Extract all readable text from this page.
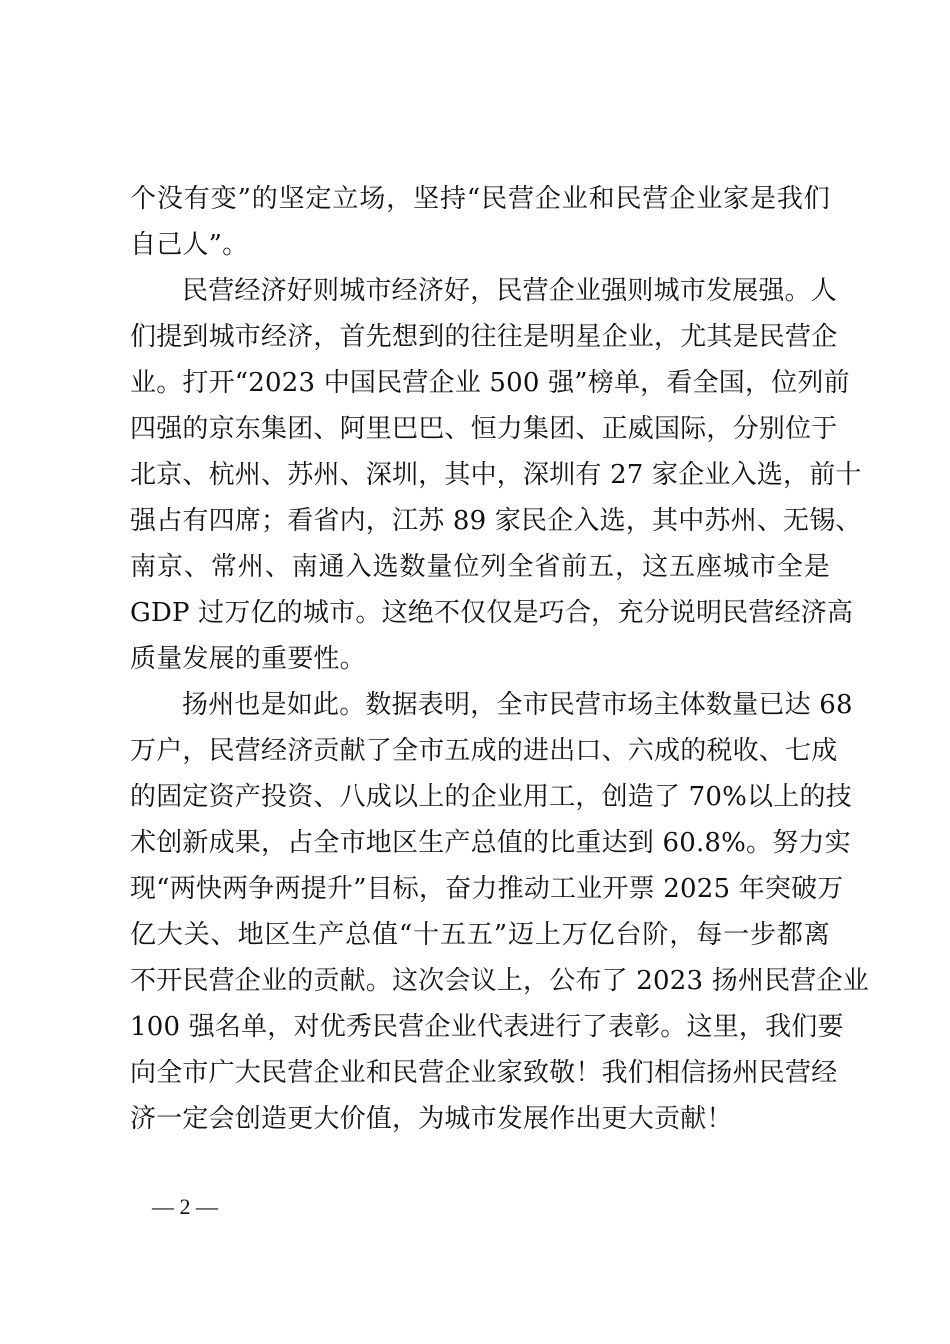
个没有变”的坚定立场，坚持“民营企业和民营企业家是我们
自己人”。
民营经济好则城市经济好，民营企业强则城市发展强。人
们提到城市经济，首先想到的往往是明星企业，尤其是民营企
业。打开“2023 中国民营企业 500 强”榜单，看全国，位列前
四强的京东集团、阿里巴巴、恒力集团、正威国际，分别位于
北京、杭州、苏州、深圳，其中，深圳有 27 家企业入选，前十
强占有四席；看省内，江苏 89 家民企入选，其中苏州、无锡、
南京、常州、南通入选数量位列全省前五，这五座城市全是
GDP 过万亿的城市。这绝不仅仅是巧合，充分说明民营经济高
质量发展的重要性。
扬州也是如此。数据表明，全市民营市场主体数量已达 68
万户，民营经济贡献了全市五成的进出口、六成的税收、七成
的固定资产投资、八成以上的企业用工，创造了 70%以上的技
术创新成果，占全市地区生产总值的比重达到 60.8%。努力实
现“两快两争两提升”目标，奋力推动工业开票 2025 年突破万
亿大关、地区生产总值“十五五”迈上万亿台阶，每一步都离
不开民营企业的贡献。这次会议上，公布了 2023 扬州民营企业
100 强名单，对优秀民营企业代表进行了表彰。这里，我们要
向全市广大民营企业和民营企业家致敬！我们相信扬州民营经
济一定会创造更大价值，为城市发展作出更大贡献！
— 2 —
